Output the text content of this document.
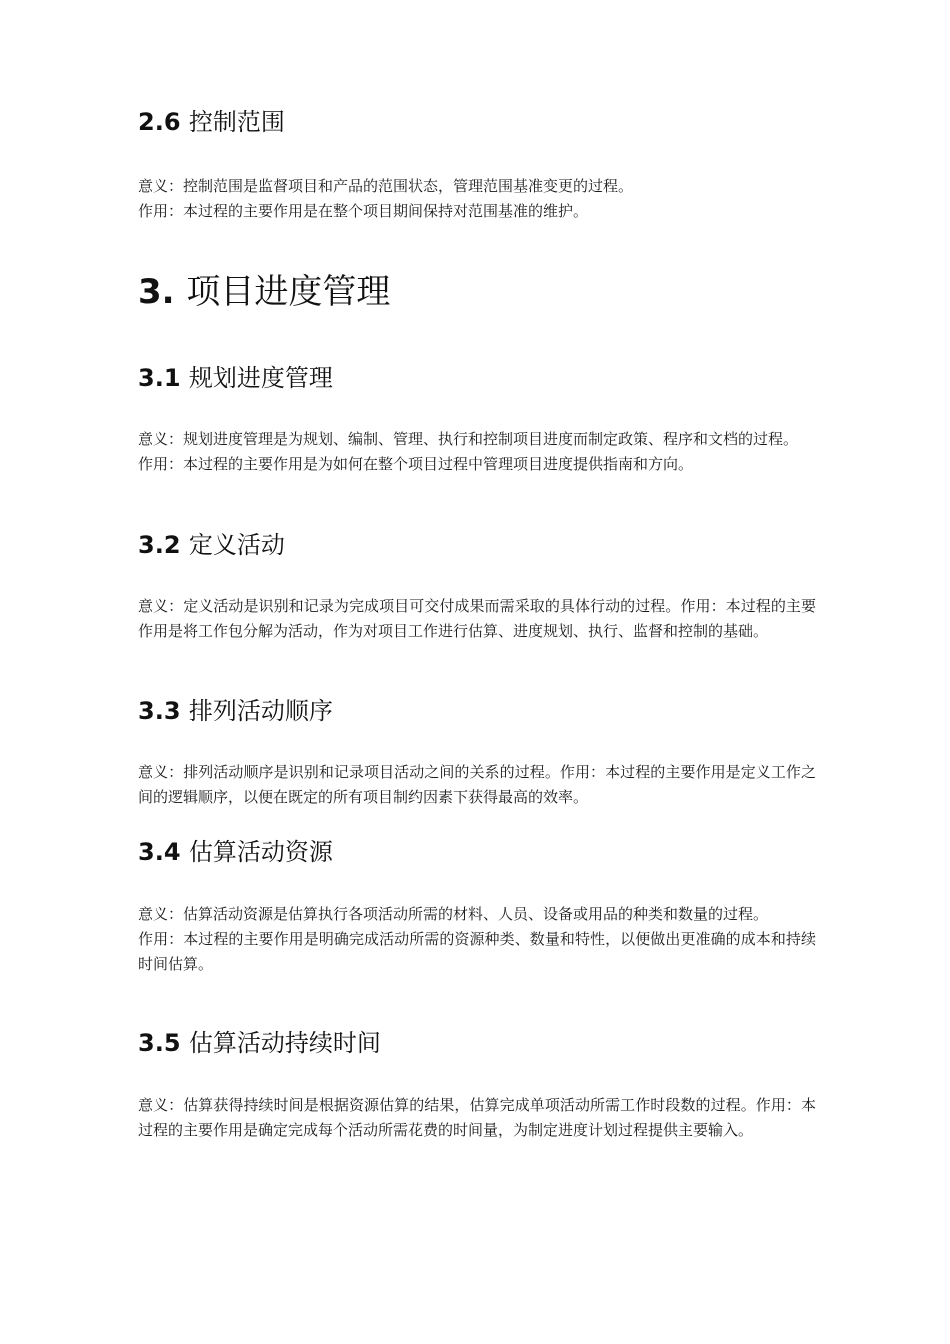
2.6 控制范围

意义：控制范围是监督项目和产品的范围状态，管理范围基准变更的过程。

作用：本过程的主要作用是在整个项目期间保持对范围基准的维护。

3. 项目进度管理
3.1 规划进度管理

意义：规划进度管理是为规划、编制、管理、执行和控制项目进度而制定政策、程序和文档的过程。

作用：本过程的主要作用是为如何在整个项目过程中管理项目进度提供指南和方向。

3.2 定义活动

意义：定义活动是识别和记录为完成项目可交付成果而需采取的具体行动的过程。作用：本过程的主要作用是将工作包分解为活动，作为对项目工作进行估算、进度规划、执行、监督和控制的基础。

3.3 排列活动顺序

意义：排列活动顺序是识别和记录项目活动之间的关系的过程。作用：本过程的主要作用是定义工作之间的逻辑顺序，以便在既定的所有项目制约因素下获得最高的效率。

3.4 估算活动资源

意义：估算活动资源是估算执行各项活动所需的材料、人员、设备或用品的种类和数量的过程。

作用：本过程的主要作用是明确完成活动所需的资源种类、数量和特性，以便做出更准确的成本和持续时间估算。

3.5 估算活动持续时间

意义：估算获得持续时间是根据资源估算的结果，估算完成单项活动所需工作时段数的过程。作用：本过程的主要作用是确定完成每个活动所需花费的时间量，为制定进度计划过程提供主要输入。
